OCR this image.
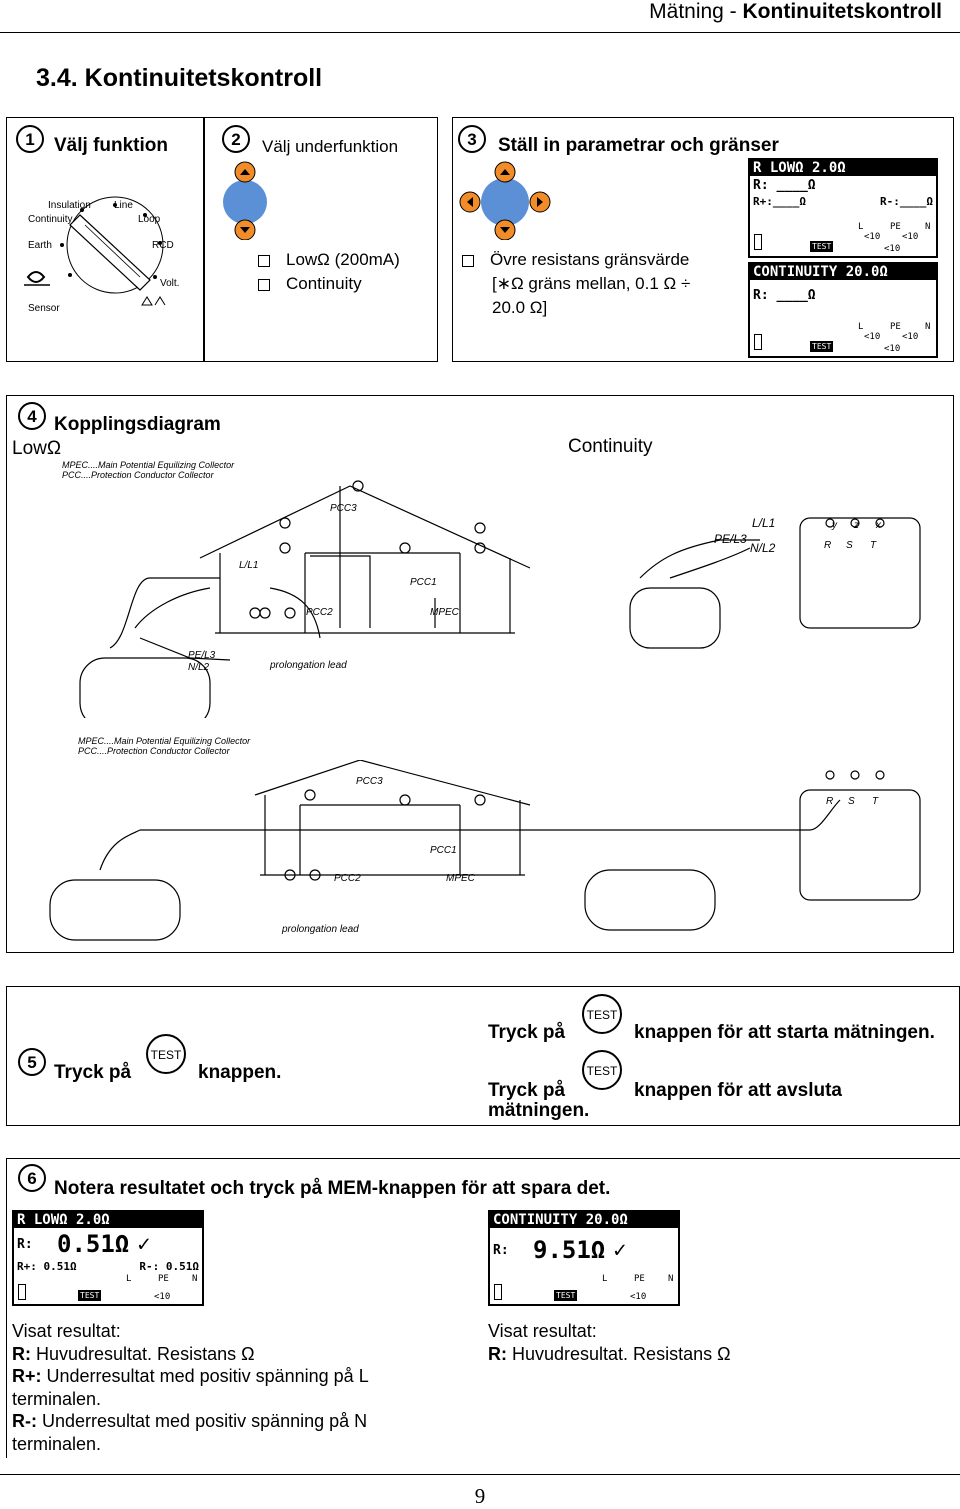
Mätning - Kontinuitetskontroll
3.4. Kontinuitetskontroll
1	Välj funktion	2	Välj underfunktion	3	Ställ in parametrar och gränser
Insulation
Continuity
Line
Loop
Earth	RCD
Volt.
Sensor
LowΩ (200mA)
Continuity
Övre resistans gränsvärde
[∗Ω gräns mellan, 0.1 Ω ÷
20.0 Ω]
R LOWΩ 2.0Ω
R: ____Ω
R+:____Ω	R-:____Ω
TEST
L	PE	N
<10 <10
<10
CONTINUITY 20.0Ω
R: ____Ω
TEST
L	PE	N
<10 <10
<10
4 Kopplingsdiagram
LowΩ	Continuity
MPEC....Main Potential Equilizing Collector
PCC....Protection Conductor Collector
PCC3
L/L1
PCC1
PCC2	MPEC
L/L1
PE/L3
N/L2	R S T
y z x
PE/L3
N/L2	prolongation lead
MPEC....Main Potential Equilizing Collector
PCC....Protection Conductor Collector
PCC3
PCC1
PCC2	MPEC
prolongation lead
R S T
5 Tryck på
TEST
knappen.
TEST
Tryck på	knappen för att starta mätningen.
TEST
Tryck på	knappen för att avsluta
mätningen.
6 Notera resultatet och tryck på MEM-knappen för att spara det.
R LOWΩ 2.0Ω
R:	0.51Ω ✓
R+: 0.51Ω	R-: 0.51Ω
TEST
L	PE	N
<10
CONTINUITY 20.0Ω
R:	9.51Ω ✓
TEST
L	PE	N
<10
Visat resultat:
R: Huvudresultat. Resistans Ω
R+: Underresultat med positiv spänning på L
terminalen.
R-: Underresultat med positiv spänning på N
terminalen.
Visat resultat:
R: Huvudresultat. Resistans Ω
9
